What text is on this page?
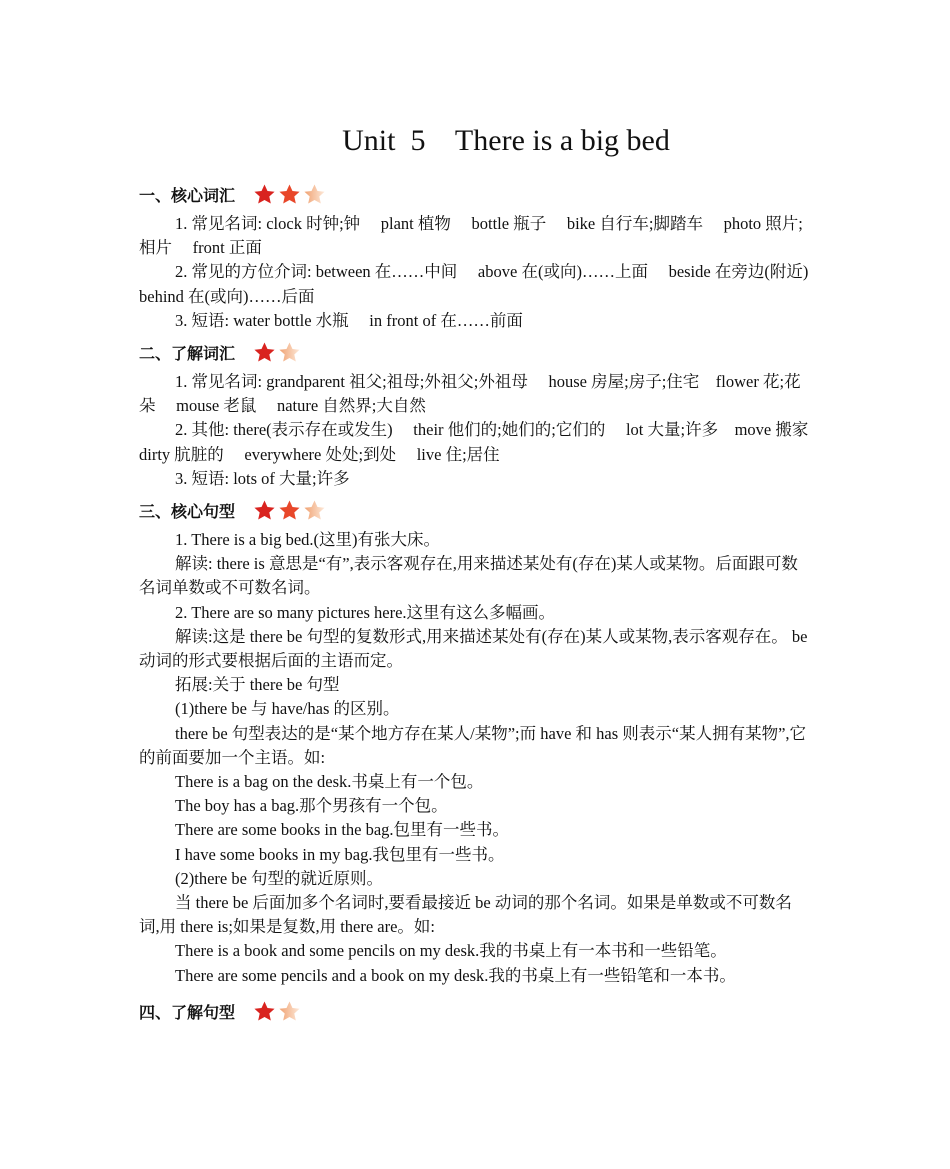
Unit  5    There is a big bed
一、核心词汇

1. 常见名词: clock 时钟;钟　 plant 植物　 bottle 瓶子　 bike 自行车;脚踏车　 photo 照片;相片　 front 正面

2. 常见的方位介词: between 在……中间　 above 在(或向)……上面　 beside 在旁边(附近)　 behind 在(或向)……后面

3. 短语: water bottle 水瓶　 in front of 在……前面

二、了解词汇

1. 常见名词: grandparent 祖父;祖母;外祖父;外祖母　 house 房屋;房子;住宅　flower 花;花朵　 mouse 老鼠　 nature 自然界;大自然

2. 其他: there(表示存在或发生)　 their 他们的;她们的;它们的　 lot 大量;许多　move 搬家　 dirty 肮脏的　 everywhere 处处;到处　 live 住;居住

3. 短语: lots of 大量;许多

三、核心句型

1. There is a big bed.(这里)有张大床。

解读: there is 意思是“有”,表示客观存在,用来描述某处有(存在)某人或某物。后面跟可数名词单数或不可数名词。

2. There are so many pictures here.这里有这么多幅画。

解读:这是 there be 句型的复数形式,用来描述某处有(存在)某人或某物,表示客观存在。 be 动词的形式要根据后面的主语而定。

拓展:关于 there be 句型

(1)there be 与 have/has 的区别。

there be 句型表达的是“某个地方存在某人/某物”;而 have 和 has 则表示“某人拥有某物”,它的前面要加一个主语。如:

There is a bag on the desk.书桌上有一个包。

The boy has a bag.那个男孩有一个包。

There are some books in the bag.包里有一些书。

I have some books in my bag.我包里有一些书。

(2)there be 句型的就近原则。

当 there be 后面加多个名词时,要看最接近 be 动词的那个名词。如果是单数或不可数名词,用 there is;如果是复数,用 there are。如:

There is a book and some pencils on my desk.我的书桌上有一本书和一些铅笔。

There are some pencils and a book on my desk.我的书桌上有一些铅笔和一本书。

四、了解句型
